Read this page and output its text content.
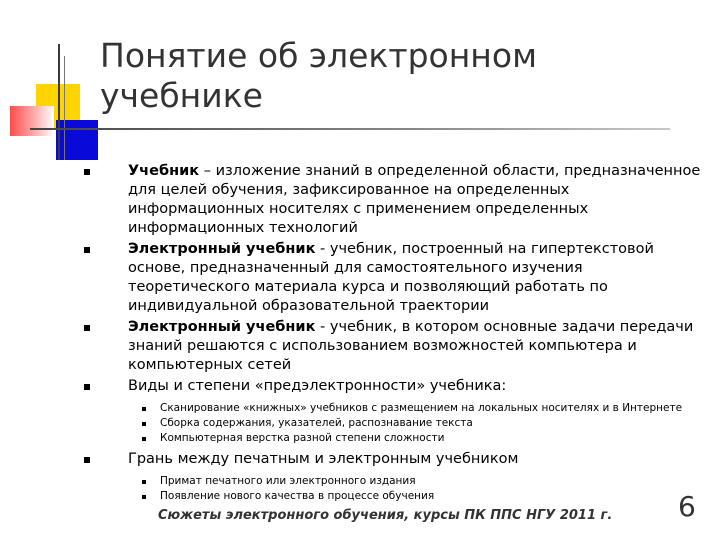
Понятие об электронном учебнике
Учебник – изложение знаний в определенной области, предназначенное для целей обучения, зафиксированное на определенных информационных носителях с применением определенных информационных технологий
Электронный учебник - учебник, построенный на гипертекстовой основе, предназначенный для самостоятельного изучения теоретического материала курса и позволяющий работать по индивидуальной образовательной траектории
Электронный учебник - учебник, в котором основные задачи передачи знаний решаются с использованием возможностей компьютера и компьютерных сетей
Виды и степени «предэлектронности» учебника:
Сканирование «книжных» учебников с размещением на локальных носителях и в Интернете
Сборка содержания, указателей, распознавание текста
Компьютерная верстка разной степени сложности
Грань между печатным и электронным учебником
Примат печатного или электронного издания
Появление нового качества в процессе обучения
Сюжеты электронного обучения, курсы ПК ППС НГУ 2011 г. 6
